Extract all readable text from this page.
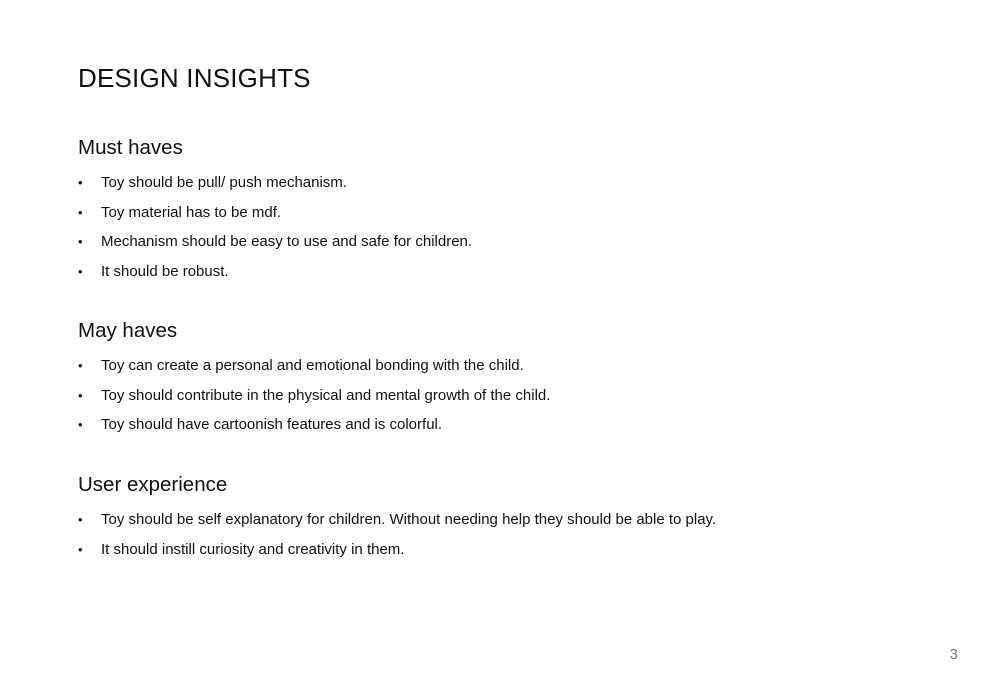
DESIGN INSIGHTS
Must haves
• Toy should be pull/ push mechanism.
• Toy material has to be mdf.
• Mechanism should be easy to use and safe for children.
• It should be robust.
May haves
• Toy can create a personal and emotional bonding with the child.
• Toy should contribute in the physical and mental growth of the child.
• Toy should have cartoonish features and is colorful.
User experience
• Toy should be self explanatory for children. Without needing help they should be able to play.
• It should instill curiosity and creativity in them.
3
